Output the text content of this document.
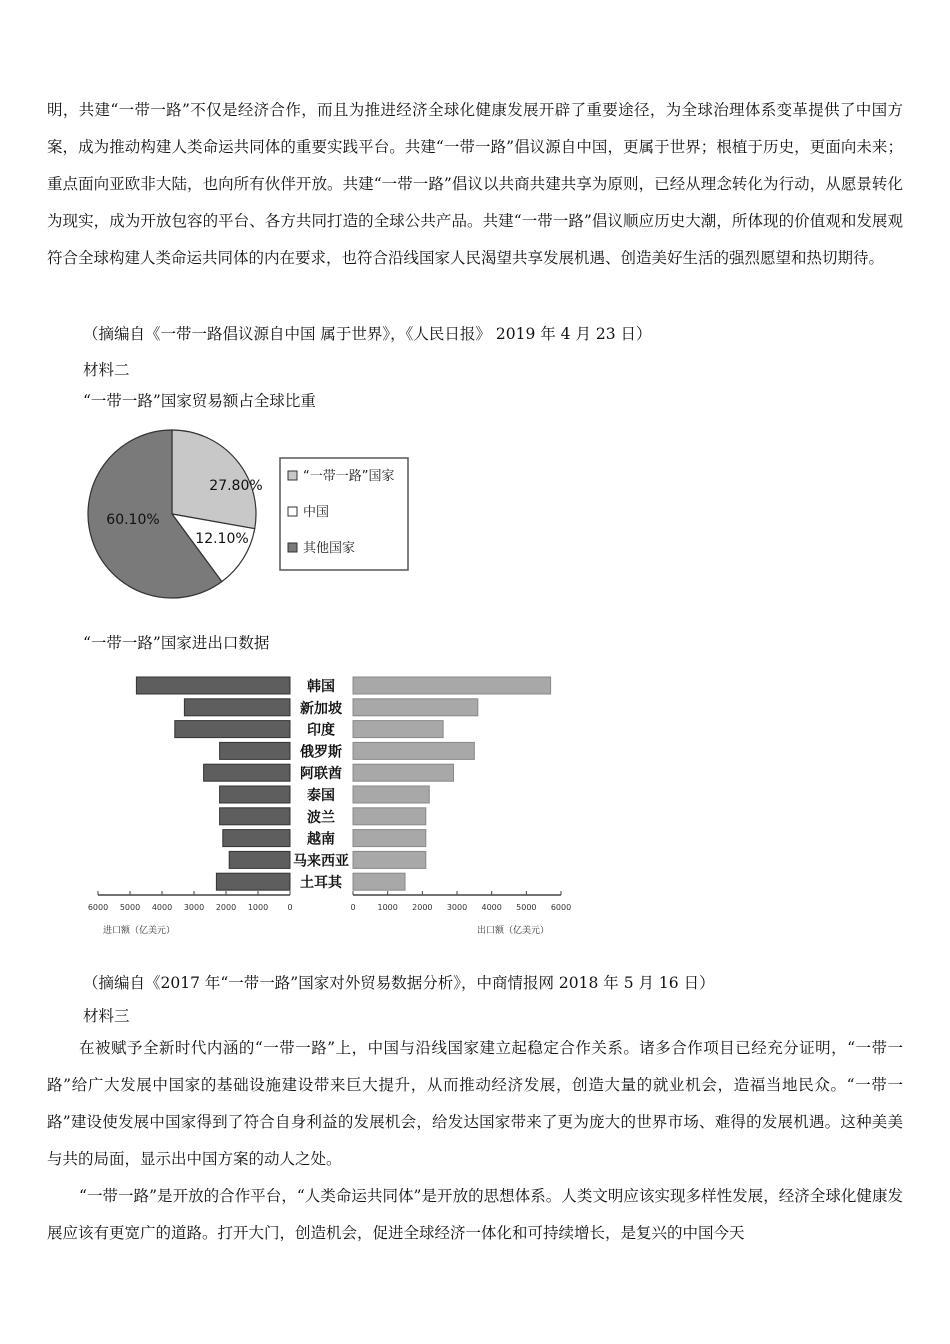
明，共建“一带一路”不仅是经济合作，而且为推进经济全球化健康发展开辟了重要途径，为全球治理体系变革提供了中国方案，成为推动构建人类命运共同体的重要实践平台。共建“一带一路”倡议源自中国，更属于世界；根植于历史，更面向未来；重点面向亚欧非大陆，也向所有伙伴开放。共建“一带一路”倡议以共商共建共享为原则，已经从理念转化为行动，从愿景转化为现实，成为开放包容的平台、各方共同打造的全球公共产品。共建“一带一路”倡议顺应历史大潮，所体现的价值观和发展观符合全球构建人类命运共同体的内在要求，也符合沿线国家人民渴望共享发展机遇、创造美好生活的强烈愿望和热切期待。

（摘编自《一带一路倡议源自中国 属于世界》，《人民日报》 2019 年 4 月 23 日）
材料二
“一带一路”国家贸易额占全球比重
27.80%
12.10%
60.10%
“一带一路”国家
中国
其他国家
“一带一路”国家进出口数据
韩国
新加坡
印度
俄罗斯
阿联酋
泰国
波兰
越南
马来西亚
土耳其
6000 5000 4000 3000 2000 1000 0	0	1000 2000 3000 4000 5000 6000
进口额（亿美元）	出口额（亿美元）
（摘编自《2017 年“一带一路”国家对外贸易数据分析》，中商情报网 2018 年 5 月 16 日）
材料三

在被赋予全新时代内涵的“一带一路”上，中国与沿线国家建立起稳定合作关系。诸多合作项目已经充分证明，“一带一路”给广大发展中国家的基础设施建设带来巨大提升，从而推动经济发展，创造大量的就业机会，造福当地民众。“一带一路”建设使发展中国家得到了符合自身利益的发展机会，给发达国家带来了更为庞大的世界市场、难得的发展机遇。这种美美与共的局面，显示出中国方案的动人之处。

“一带一路”是开放的合作平台，“人类命运共同体”是开放的思想体系。人类文明应该实现多样性发展，经济全球化健康发展应该有更宽广的道路。打开大门，创造机会，促进全球经济一体化和可持续增长，是复兴的中国今天
